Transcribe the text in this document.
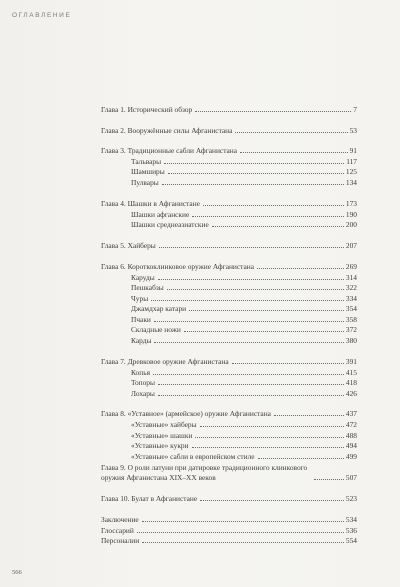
ОГЛАВЛЕНИЕ
Глава 1. Исторический обзор	7
Глава 2. Вооружённые силы Афганистана	53
Глава 3. Традиционные сабли Афганистана	91
Тальвары	117
Шамширы	125
Пулвары	134
Глава 4. Шашки в Афганистане	173
Шашки афганские	190
Шашки среднеазиатские	200
Глава 5. Хайберы	207
Глава 6. Короткоклинковое оружие Афганистана	269
Каруды	314
Пешкабзы	322
Чуры	334
Джамдхар катари	354
Пчаки	358
Складные ножи	372
Карды	380
Глава 7. Древковое оружие Афганистана	391
Копья	415
Топоры	418
Лохары	426
Глава 8. «Уставное» (армейское) оружие Афганистана	437
«Уставные» хайберы	472
«Уставные» шашки	488
«Уставные» кукри	494
«Уставные» сабли в европейском стиле	499
Глава 9. О роли латуни при датировке традиционного клинкового оружия Афганистана XIX–XX веков	507
Глава 10. Булат в Афганистане	523
Заключение	534
Глоссарий	536
Персоналии	554
566
